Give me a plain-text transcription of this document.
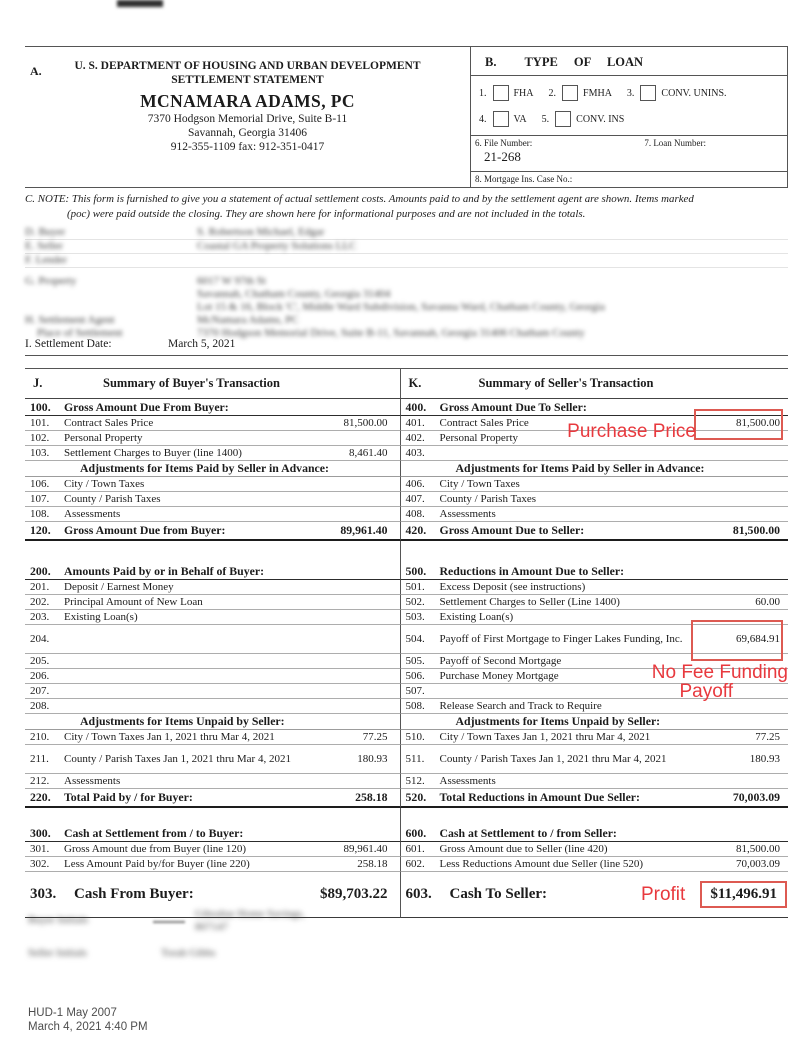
A.	U. S. DEPARTMENT OF HOUSING AND URBAN DEVELOPMENT
SETTLEMENT STATEMENT
MCNAMARA ADAMS, PC
7370 Hodgson Memorial Drive, Suite B-11
Savannah, Georgia 31406
912-355-1109 fax: 912-351-0417
B. TYPE OF LOAN
1.	FHA 2.	FMHA 3.	CONV. UNINS.
4.	VA 5.	CONV. INS
6. File Number:
21-268
7. Loan Number:
8. Mortgage Ins. Case No.:
C. NOTE: This form is furnished to give you a statement of actual settlement costs. Amounts paid to and by the settlement agent are shown. Items marked
(poc) were paid outside the closing. They are shown here for informational purposes and are not included in the totals.
D. Buyer	S. Robertson Michael, Edgar
E. Seller	Coastal GA Property Solutions LLC
F. Lender
G. Property	6017 W 97th St
Savannah, Chatham County, Georgia 31404
Lot 15 & 16, Block 'C', Middle Ward Subdivision, Savanna Ward, Chatham County, Georgia
H. Settlement Agent
Place of Settlement
McNamara Adams, PC
7370 Hodgson Memorial Drive, Suite B-11, Savannah, Georgia 31406 Chatham County
I. Settlement Date:	March 5, 2021
J.	Summary of Buyer's Transaction	K.	Summary of Seller's Transaction
100.	Gross Amount Due From Buyer:	400.	Gross Amount Due To Seller:
101.	Contract Sales Price	81,500.00	401.	Contract Sales Price	81,500.00
102.	Personal Property	402.	Personal Property	Purchase Price
103.	Settlement Charges to Buyer (line 1400)	8,461.40	403.
Adjustments for Items Paid by Seller in Advance:	Adjustments for Items Paid by Seller in Advance:
106.	City / Town Taxes	406.	City / Town Taxes
107.	County / Parish Taxes	407.	County / Parish Taxes
108.	Assessments	408.	Assessments
120.	Gross Amount Due from Buyer:	89,961.40	420.	Gross Amount Due to Seller:	81,500.00
200.	Amounts Paid by or in Behalf of Buyer:	500.	Reductions in Amount Due to Seller:
201.	Deposit / Earnest Money	501.	Excess Deposit (see instructions)
202.	Principal Amount of New Loan	502.	Settlement Charges to Seller (Line 1400)	60.00
203.	Existing Loan(s)	503.	Existing Loan(s)
204.	504.	Payoff of First Mortgage to Finger Lakes Funding, Inc.	69,684.91
205.	505.	Payoff of Second Mortgage
206.	506.	Purchase Money Mortgage	No Fee Funding
207.	507.	Payoff
208.	508.	Release Search and Track to Require
Adjustments for Items Unpaid by Seller:	Adjustments for Items Unpaid by Seller:
210.	City / Town Taxes Jan 1, 2021 thru Mar 4, 2021	77.25	510.	City / Town Taxes Jan 1, 2021 thru Mar 4, 2021	77.25
211.	County / Parish Taxes Jan 1, 2021 thru Mar 4, 2021	180.93	511.	County / Parish Taxes Jan 1, 2021 thru Mar 4, 2021	180.93
212.	Assessments	512.	Assessments
220.	Total Paid by / for Buyer:	258.18	520.	Total Reductions in Amount Due Seller:	70,003.09
300.	Cash at Settlement from / to Buyer:	600.	Cash at Settlement to / from Seller:
301.	Gross Amount due from Buyer (line 120)	89,961.40	601.	Gross Amount due to Seller (line 420)	81,500.00
302.	Less Amount Paid by/for Buyer (line 220)	258.18	602.	Less Reductions Amount due Seller (line 520)	70,003.09
303.	Cash From Buyer:	$89,703.22	603.	Cash To Seller:	Profit	$11,496.91
Buyer Initials	Gibraltar Home Savings,
807147
Seller Initials	Torah Gibbs
HUD-1 May 2007
March 4, 2021 4:40 PM
